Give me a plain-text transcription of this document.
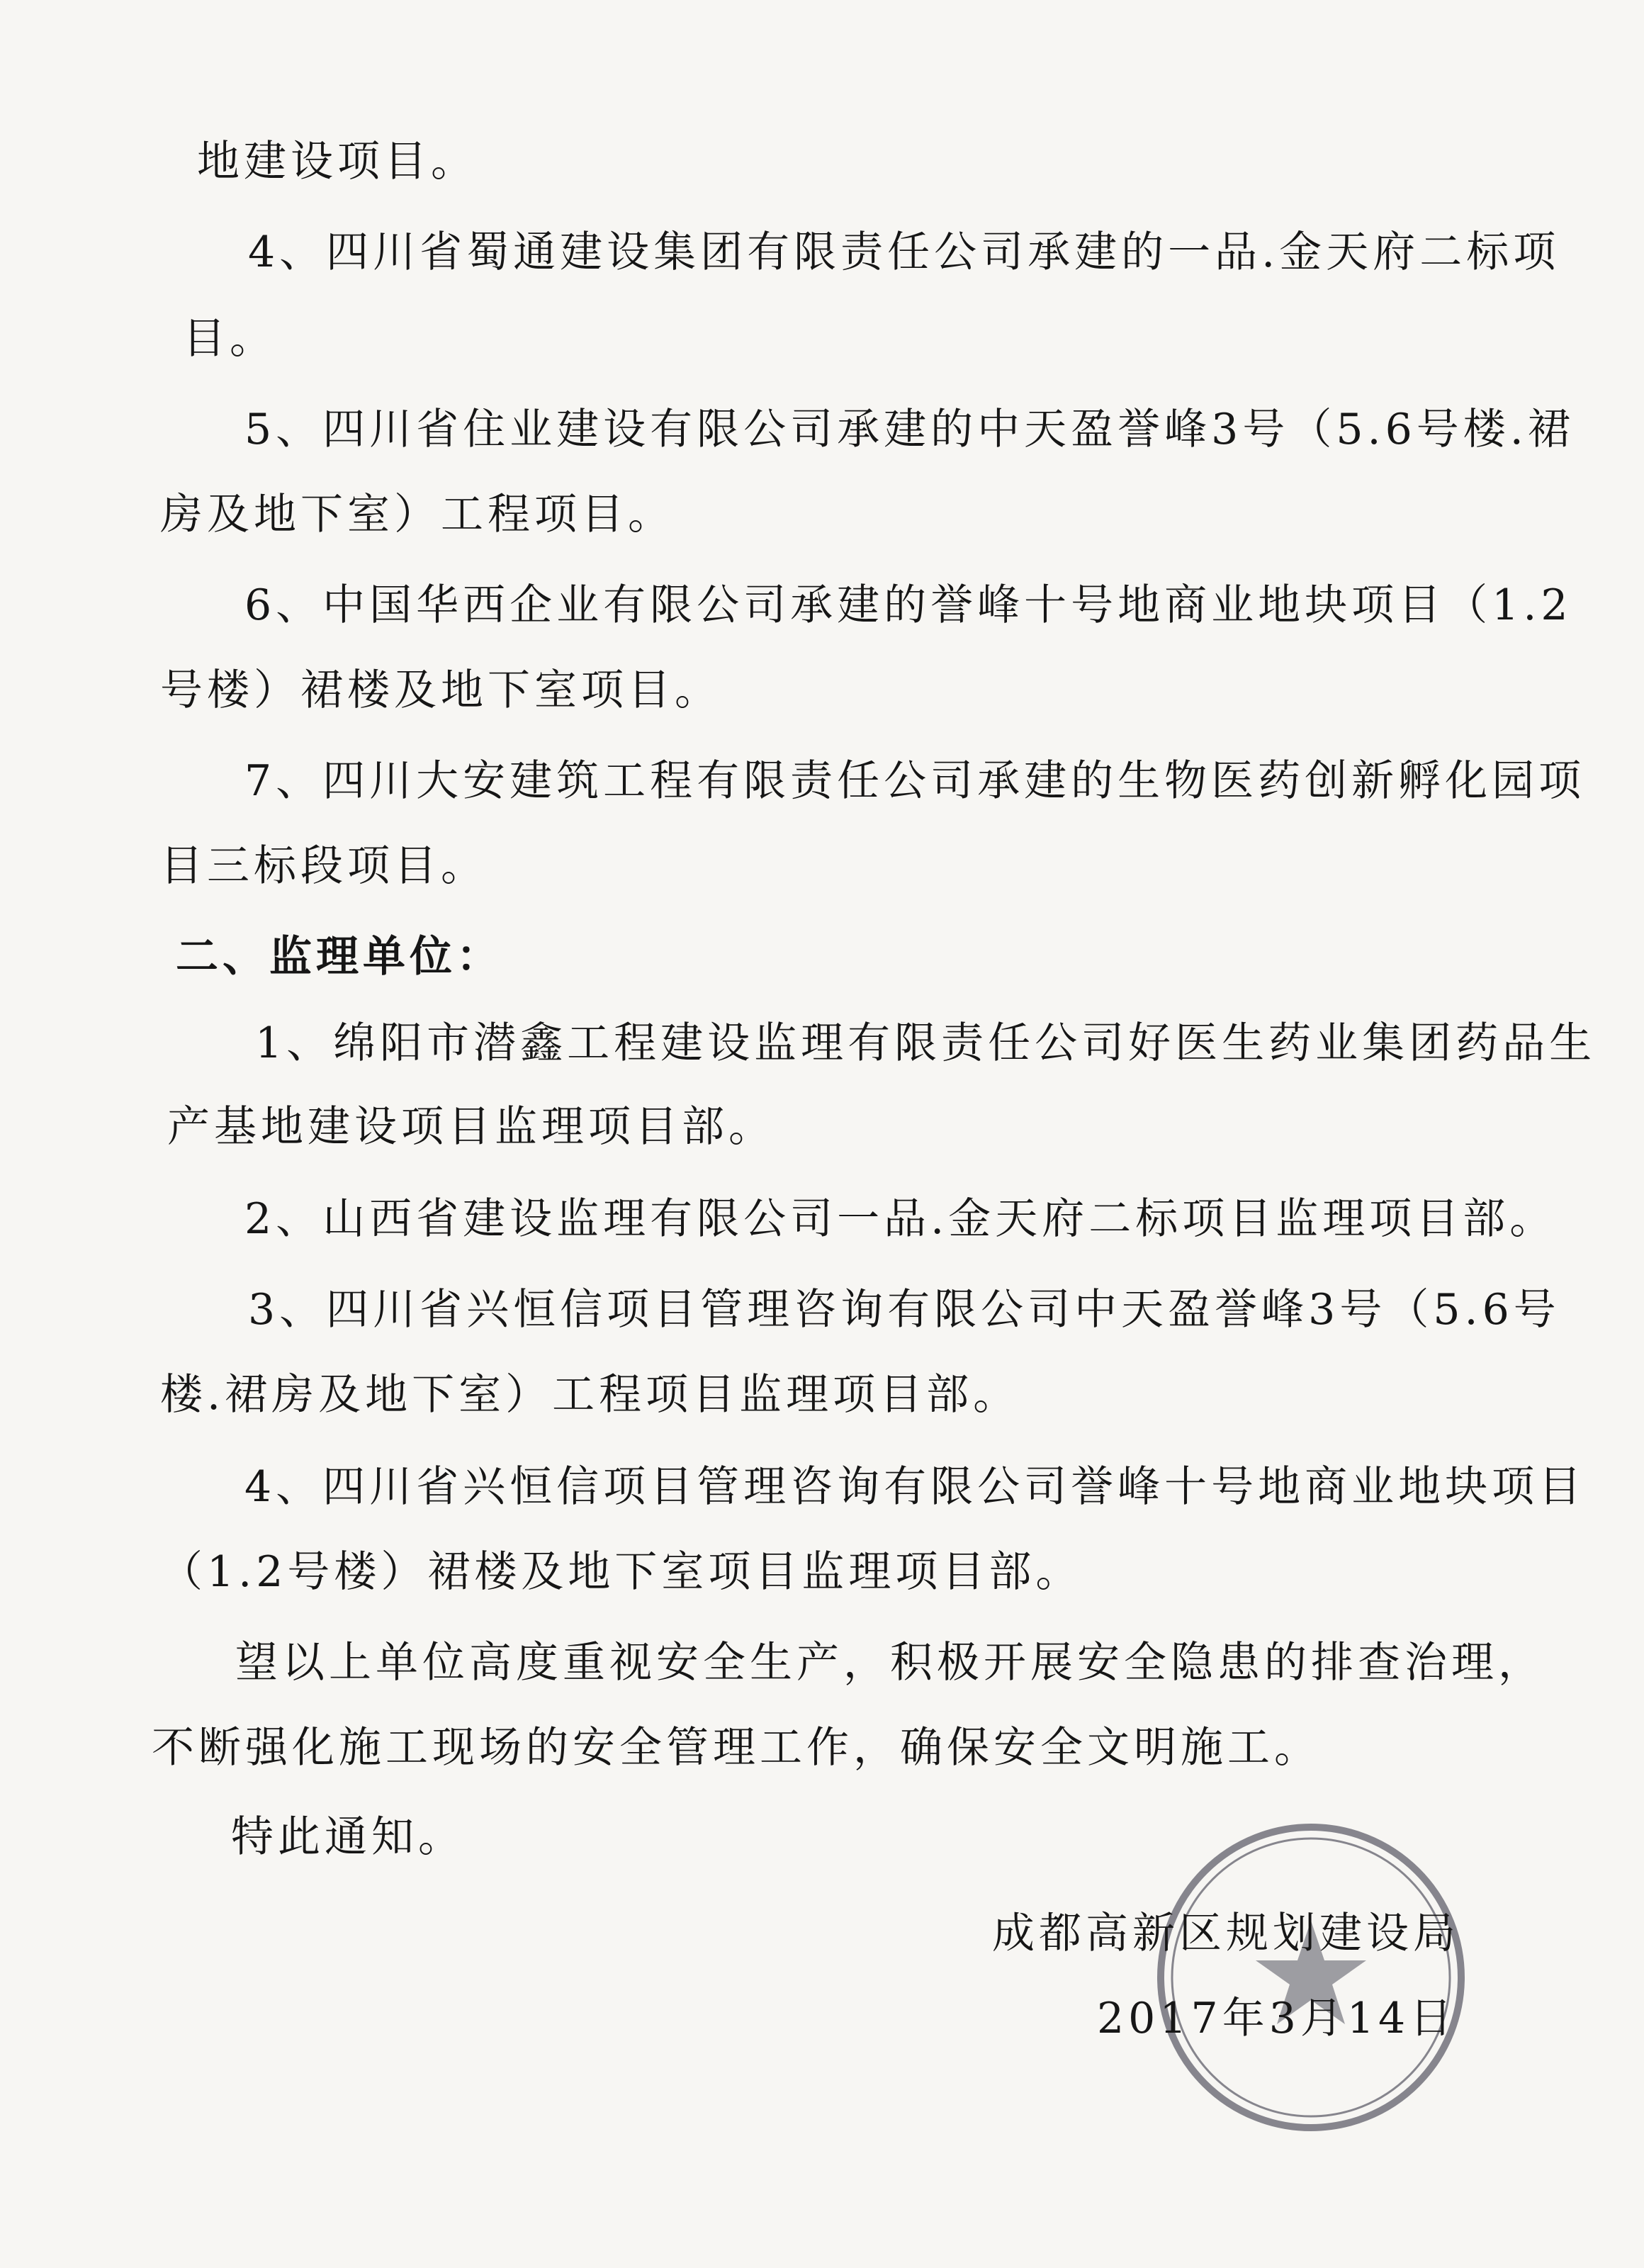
地建设项目。
4、四川省蜀通建设集团有限责任公司承建的一品.金天府二标项
目。
5、四川省住业建设有限公司承建的中天盈誉峰3号（5.6号楼.裙
房及地下室）工程项目。
6、中国华西企业有限公司承建的誉峰十号地商业地块项目（1.2
号楼）裙楼及地下室项目。
7、四川大安建筑工程有限责任公司承建的生物医药创新孵化园项
目三标段项目。
二、监理单位：
1、绵阳市潜鑫工程建设监理有限责任公司好医生药业集团药品生
产基地建设项目监理项目部。
2、山西省建设监理有限公司一品.金天府二标项目监理项目部。
3、四川省兴恒信项目管理咨询有限公司中天盈誉峰3号（5.6号
楼.裙房及地下室）工程项目监理项目部。
4、四川省兴恒信项目管理咨询有限公司誉峰十号地商业地块项目
（1.2号楼）裙楼及地下室项目监理项目部。
望以上单位高度重视安全生产，积极开展安全隐患的排查治理，
不断强化施工现场的安全管理工作，确保安全文明施工。
特此通知。
成都高新区规划建设局
2017年3月14日
